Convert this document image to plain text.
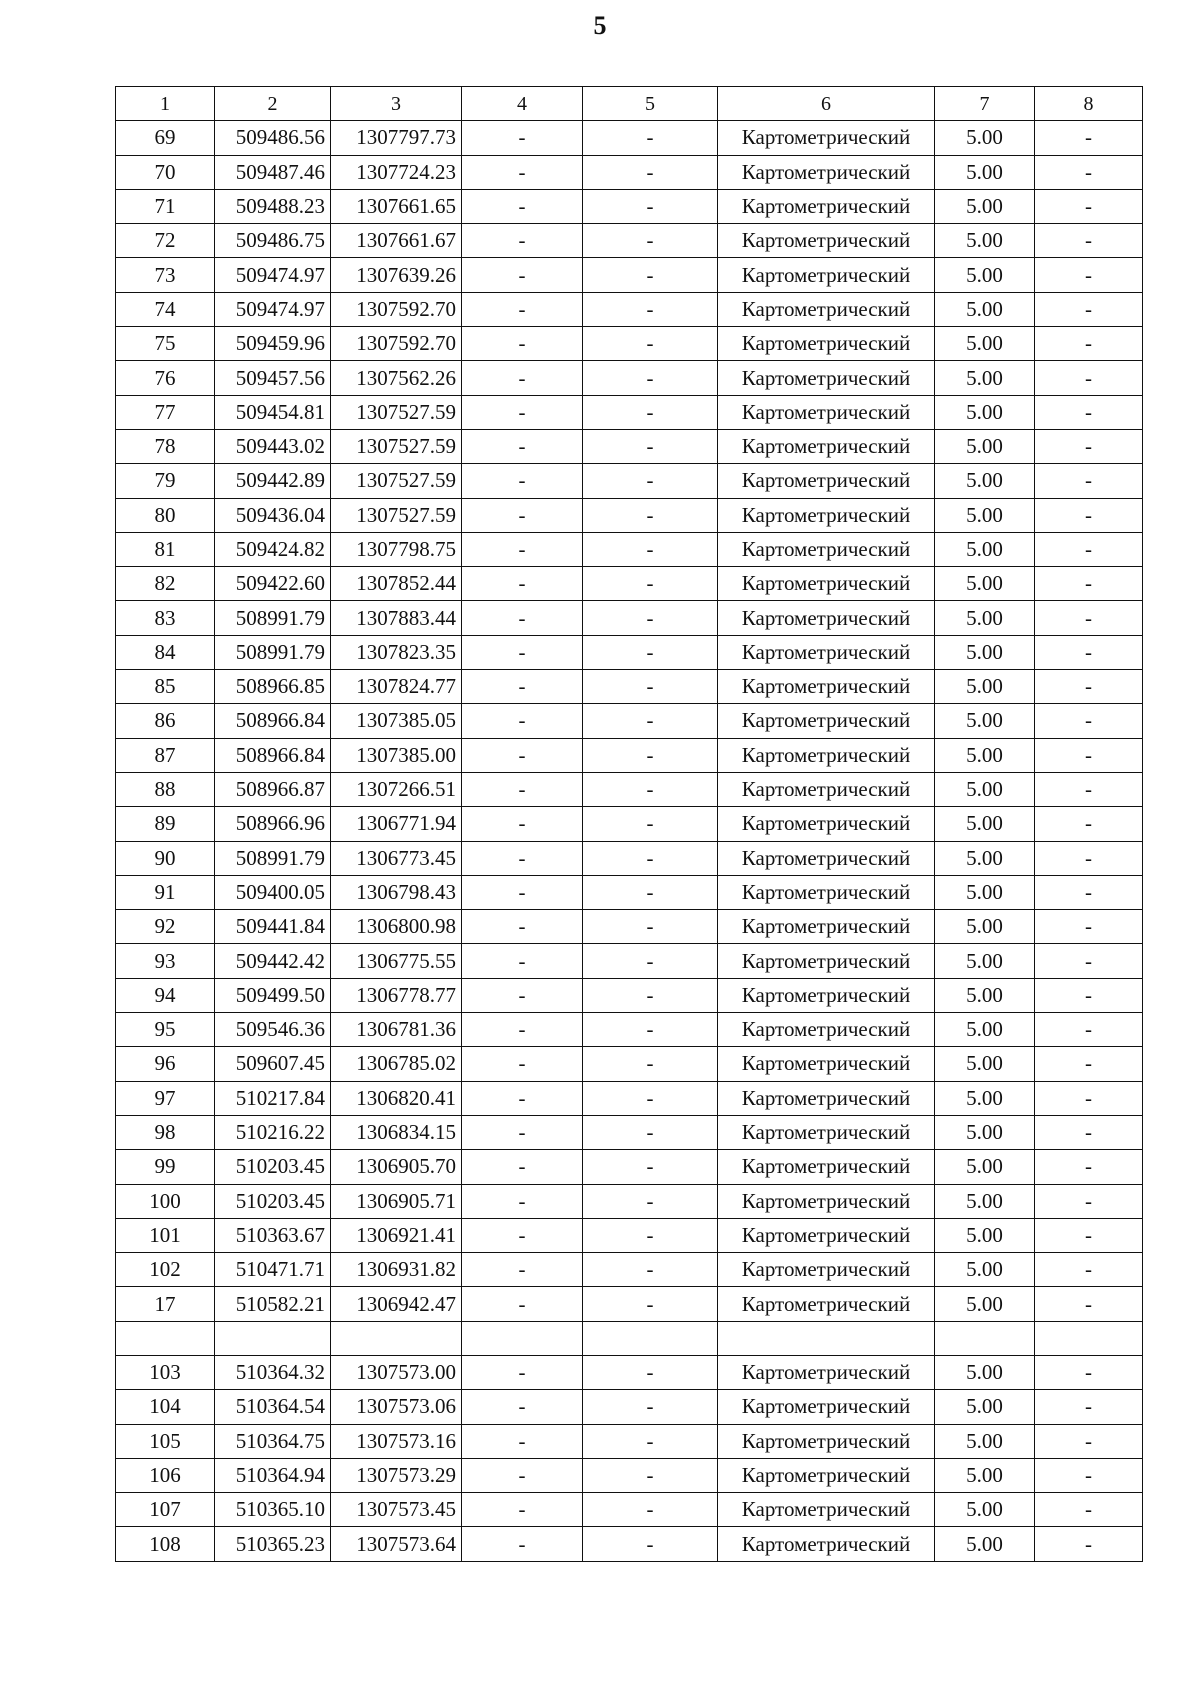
5
1	2	3	4	5	6	7	8
69	509486.56	1307797.73	-	-	Картометрический	5.00	-
70	509487.46	1307724.23	-	-	Картометрический	5.00	-
71	509488.23	1307661.65	-	-	Картометрический	5.00	-
72	509486.75	1307661.67	-	-	Картометрический	5.00	-
73	509474.97	1307639.26	-	-	Картометрический	5.00	-
74	509474.97	1307592.70	-	-	Картометрический	5.00	-
75	509459.96	1307592.70	-	-	Картометрический	5.00	-
76	509457.56	1307562.26	-	-	Картометрический	5.00	-
77	509454.81	1307527.59	-	-	Картометрический	5.00	-
78	509443.02	1307527.59	-	-	Картометрический	5.00	-
79	509442.89	1307527.59	-	-	Картометрический	5.00	-
80	509436.04	1307527.59	-	-	Картометрический	5.00	-
81	509424.82	1307798.75	-	-	Картометрический	5.00	-
82	509422.60	1307852.44	-	-	Картометрический	5.00	-
83	508991.79	1307883.44	-	-	Картометрический	5.00	-
84	508991.79	1307823.35	-	-	Картометрический	5.00	-
85	508966.85	1307824.77	-	-	Картометрический	5.00	-
86	508966.84	1307385.05	-	-	Картометрический	5.00	-
87	508966.84	1307385.00	-	-	Картометрический	5.00	-
88	508966.87	1307266.51	-	-	Картометрический	5.00	-
89	508966.96	1306771.94	-	-	Картометрический	5.00	-
90	508991.79	1306773.45	-	-	Картометрический	5.00	-
91	509400.05	1306798.43	-	-	Картометрический	5.00	-
92	509441.84	1306800.98	-	-	Картометрический	5.00	-
93	509442.42	1306775.55	-	-	Картометрический	5.00	-
94	509499.50	1306778.77	-	-	Картометрический	5.00	-
95	509546.36	1306781.36	-	-	Картометрический	5.00	-
96	509607.45	1306785.02	-	-	Картометрический	5.00	-
97	510217.84	1306820.41	-	-	Картометрический	5.00	-
98	510216.22	1306834.15	-	-	Картометрический	5.00	-
99	510203.45	1306905.70	-	-	Картометрический	5.00	-
100	510203.45	1306905.71	-	-	Картометрический	5.00	-
101	510363.67	1306921.41	-	-	Картометрический	5.00	-
102	510471.71	1306931.82	-	-	Картометрический	5.00	-
17	510582.21	1306942.47	-	-	Картометрический	5.00	-

103	510364.32	1307573.00	-	-	Картометрический	5.00	-
104	510364.54	1307573.06	-	-	Картометрический	5.00	-
105	510364.75	1307573.16	-	-	Картометрический	5.00	-
106	510364.94	1307573.29	-	-	Картометрический	5.00	-
107	510365.10	1307573.45	-	-	Картометрический	5.00	-
108	510365.23	1307573.64	-	-	Картометрический	5.00	-
